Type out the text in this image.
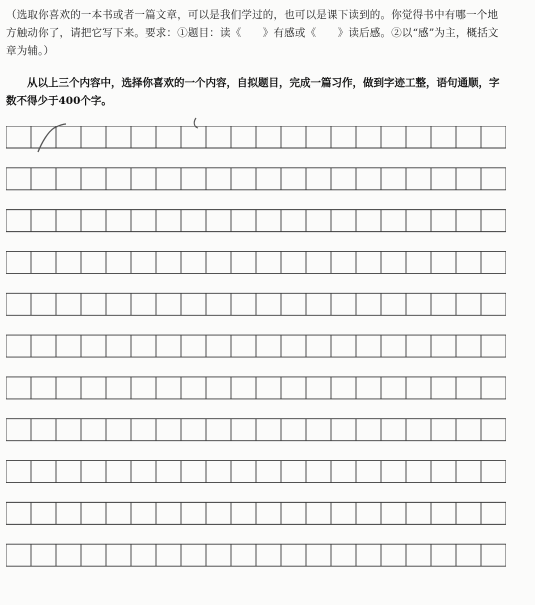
（选取你喜欢的一本书或者一篇文章，可以是我们学过的，也可以是课下读到的。你觉得书中有哪一个地方触动你了，请把它写下来。要求：①题目：读《　　》有感或《　　》读后感。②以“感”为主，概括文章为辅。）

从以上三个内容中，选择你喜欢的一个内容，自拟题目，完成一篇习作，做到字迹工整，语句通顺，字数不得少于400个字。
